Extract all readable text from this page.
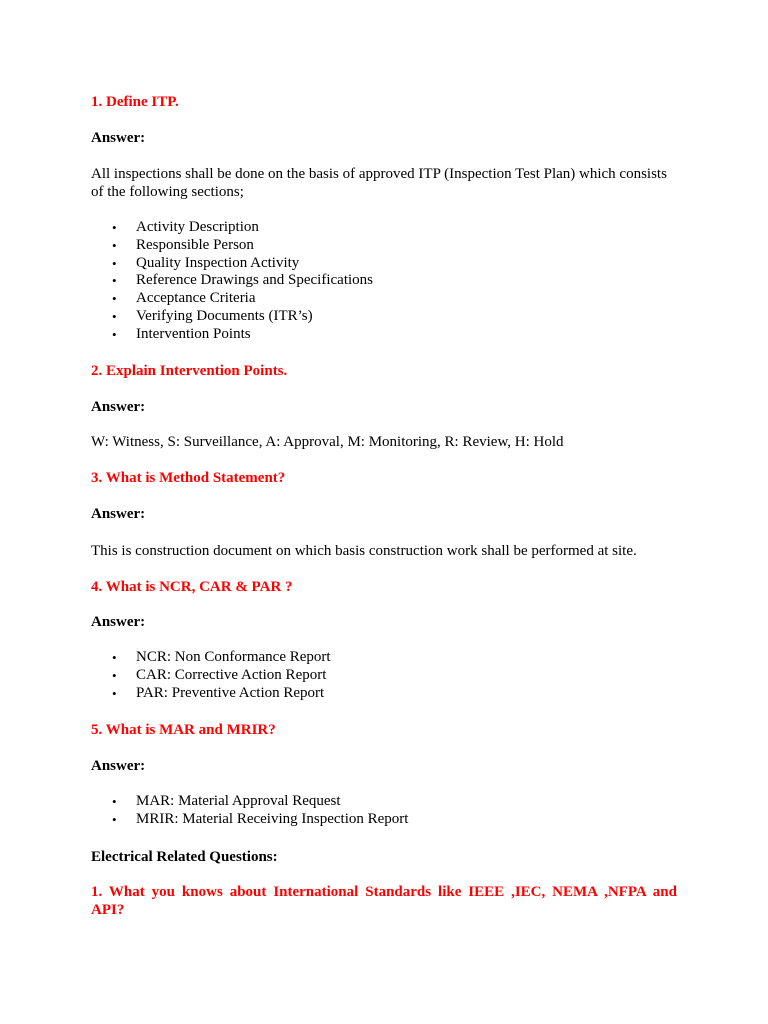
1. Define ITP.

Answer:

All inspections shall be done on the basis of approved ITP (Inspection Test Plan) which consists

of the following sections;

• Activity Description
• Responsible Person
• Quality Inspection Activity
• Reference Drawings and Specifications
• Acceptance Criteria
• Verifying Documents (ITR’s)
• Intervention Points

2. Explain Intervention Points.

Answer:

W: Witness, S: Surveillance, A: Approval, M: Monitoring, R: Review, H: Hold

3. What is Method Statement?

Answer:

This is construction document on which basis construction work shall be performed at site.

4. What is NCR, CAR & PAR ?

Answer:

• NCR: Non Conformance Report
• CAR: Corrective Action Report
• PAR: Preventive Action Report

5. What is MAR and MRIR?

Answer:

• MAR: Material Approval Request
• MRIR: Material Receiving Inspection Report

Electrical Related Questions:

1. What you knows about International Standards like IEEE ,IEC, NEMA ,NFPA and

API?
